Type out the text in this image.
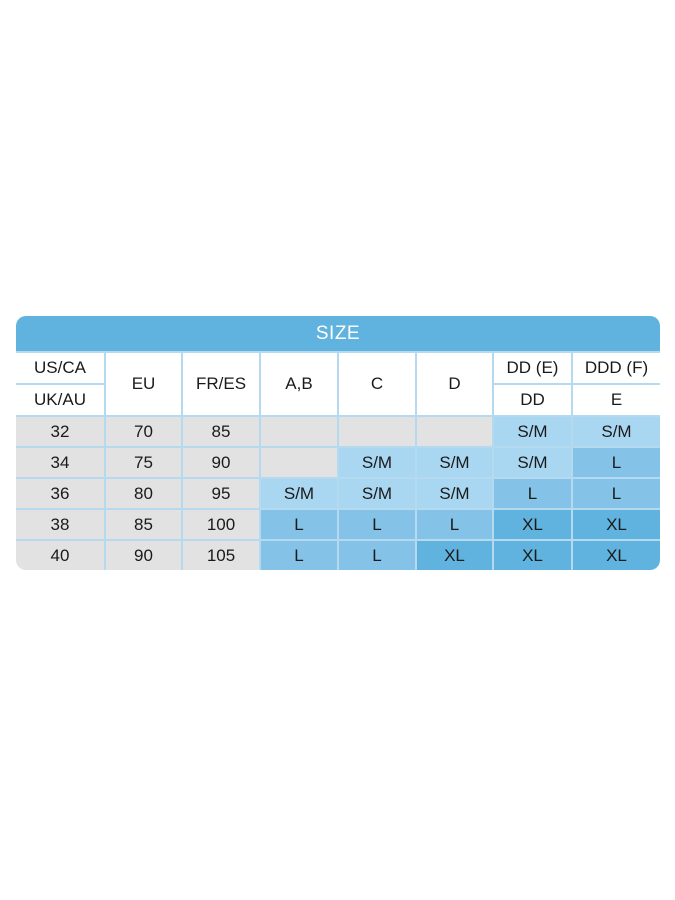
SIZE
US/CA	EU	FR/ES	A,B	C	D	DD (E)	DDD (F)
UK/AU						DD	E
32	70	85				S/M	S/M
34	75	90		S/M	S/M	S/M	L
36	80	95	S/M	S/M	S/M	L	L
38	85	100	L	L	L	XL	XL
40	90	105	L	L	XL	XL	XL
